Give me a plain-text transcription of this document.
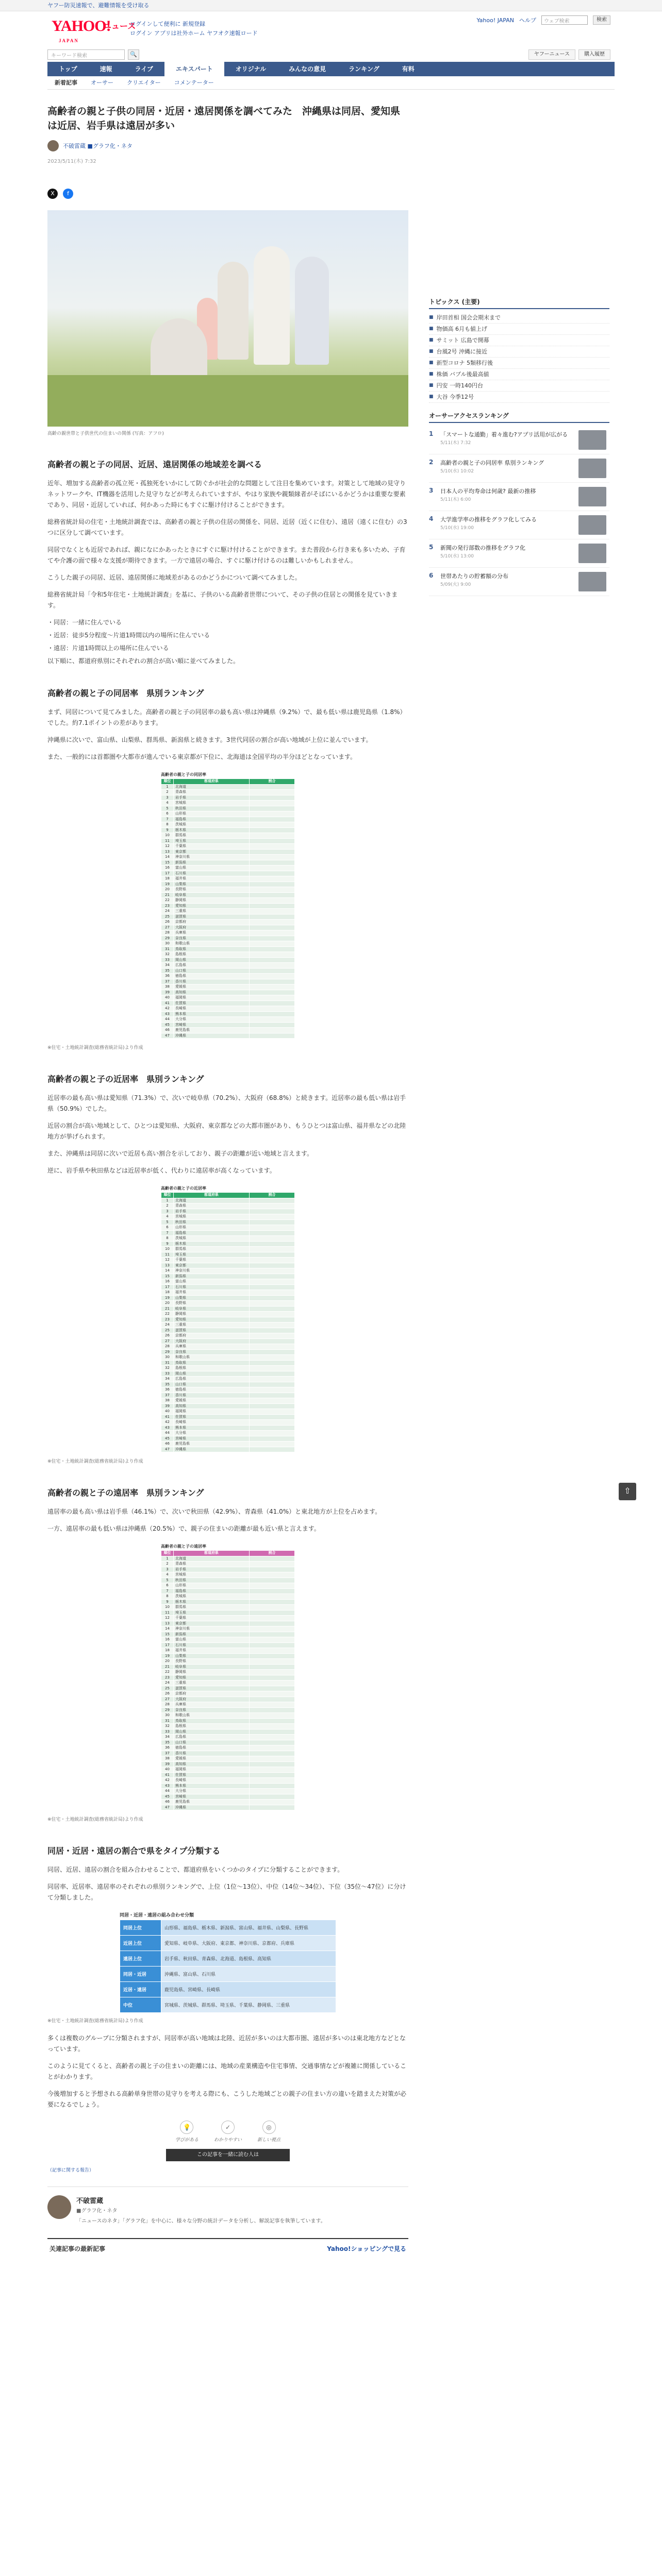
ヤフー防災速報で、避難情報を受け取る
YAHOO!
JAPAN
ニュース
ログインして便利に 新規登録
ログイン アプリは社外ホーム ヤフオク速報ロード
Yahoo! JAPAN ヘルプ	ウェブ検索	検索
キーワード検索	🔍	ヤフーニュース	購入履歴
トップ	速報	ライブ	エキスパート	オリジナル	みんなの意見	ランキング	有料
新着記事 オーサー クリエイター コメンテーター
高齢者の親と子供の同居・近居・遠居関係を調べてみた　沖縄県は同居、愛知県は近居、岩手県は遠居が多い
不破雷蔵 ■グラフ化・ネタ
2023/5/11(木) 7:32
X	f
高齢の親世帯と子供世代の住まいの関係 (写真：アフロ)
高齢者の親と子の同居、近居、遠居関係の地域差を調べる

近年、増加する高齢者の孤立死・孤独死をいかにして防ぐかが社会的な問題として注目を集めています。対策として地域の見守りネットワークや、IT機器を活用した見守りなどが考えられていますが、やはり家族や親類縁者がそばにいるかどうかは重要な要素であり、同居・近居していれば、何かあった時にもすぐに駆け付けることができます。

総務省統計局の住宅・土地統計調査では、高齢者の親と子供の住居の関係を、同居、近居（近くに住む）、遠居（遠くに住む）の3つに区分して調べています。

同居でなくとも近居であれば、親になにかあったときにすぐに駆け付けることができます。また普段から行き来も多いため、子育てや介護の面で様々な支援が期待できます。一方で遠居の場合、すぐに駆け付けるのは難しいかもしれません。

こうした親子の同居、近居、遠居関係に地域差があるのかどうかについて調べてみました。

総務省統計局「令和5年住宅・土地統計調査」を基に、子供のいる高齢者世帯について、その子供の住居との関係を見ていきます。

・同居：一緒に住んでいる

・近居：徒歩5分程度～片道1時間以内の場所に住んでいる

・遠居：片道1時間以上の場所に住んでいる

以下順に、都道府県別にそれぞれの割合が高い順に並べてみました。

高齢者の親と子の同居率　県別ランキング

まず、同居について見てみました。高齢者の親と子の同居率の最も高い県は沖縄県（9.2%）で、最も低い県は鹿児島県（1.8%）でした。約7.1ポイントの差があります。

沖縄県に次いで、富山県、山梨県、群馬県、新潟県と続きます。3世代同居の割合が高い地域が上位に並んでいます。

また、一般的には首都圏や大都市が進んでいる東京都が下位に、北海道は全国平均の半分ほどとなっています。

高齢者の親と子の同居率
順位	都道府県	割合
1	北海道	
2	青森県	
3	岩手県	
4	宮城県	
5	秋田県	
6	山形県	
7	福島県	
8	茨城県	
9	栃木県	
10	群馬県	
11	埼玉県	
12	千葉県	
13	東京都	
14	神奈川県	
15	新潟県	
16	富山県	
17	石川県	
18	福井県	
19	山梨県	
20	長野県	
21	岐阜県	
22	静岡県	
23	愛知県	
24	三重県	
25	滋賀県	
26	京都府	
27	大阪府	
28	兵庫県	
29	奈良県	
30	和歌山県	
31	鳥取県	
32	島根県	
33	岡山県	
34	広島県	
35	山口県	
36	徳島県	
37	香川県	
38	愛媛県	
39	高知県	
40	福岡県	
41	佐賀県	
42	長崎県	
43	熊本県	
44	大分県	
45	宮崎県	
46	鹿児島県	
47	沖縄県	
※住宅・土地統計調査(総務省統計局)より作成
高齢者の親と子の近居率　県別ランキング

近居率の最も高い県は愛知県（71.3%）で、次いで岐阜県（70.2%）、大阪府（68.8%）と続きます。近居率の最も低い県は岩手県（50.9%）でした。

近居の割合が高い地域として、ひとつは愛知県、大阪府、東京都などの大都市圏があり、もうひとつは富山県、福井県などの北陸地方が挙げられます。

また、沖縄県は同居に次いで近居も高い割合を示しており、親子の距離が近い地域と言えます。

逆に、岩手県や秋田県などは近居率が低く、代わりに遠居率が高くなっています。

高齢者の親と子の近居率
順位	都道府県	割合
1	北海道	
2	青森県	
3	岩手県	
4	宮城県	
5	秋田県	
6	山形県	
7	福島県	
8	茨城県	
9	栃木県	
10	群馬県	
11	埼玉県	
12	千葉県	
13	東京都	
14	神奈川県	
15	新潟県	
16	富山県	
17	石川県	
18	福井県	
19	山梨県	
20	長野県	
21	岐阜県	
22	静岡県	
23	愛知県	
24	三重県	
25	滋賀県	
26	京都府	
27	大阪府	
28	兵庫県	
29	奈良県	
30	和歌山県	
31	鳥取県	
32	島根県	
33	岡山県	
34	広島県	
35	山口県	
36	徳島県	
37	香川県	
38	愛媛県	
39	高知県	
40	福岡県	
41	佐賀県	
42	長崎県	
43	熊本県	
44	大分県	
45	宮崎県	
46	鹿児島県	
47	沖縄県	
※住宅・土地統計調査(総務省統計局)より作成
高齢者の親と子の遠居率　県別ランキング

遠居率の最も高い県は岩手県（46.1%）で、次いで秋田県（42.9%）、青森県（41.0%）と東北地方が上位を占めます。

一方、遠居率の最も低い県は沖縄県（20.5%）で、親子の住まいの距離が最も近い県と言えます。

高齢者の親と子の遠居率
順位	都道府県	割合
1	北海道	
2	青森県	
3	岩手県	
4	宮城県	
5	秋田県	
6	山形県	
7	福島県	
8	茨城県	
9	栃木県	
10	群馬県	
11	埼玉県	
12	千葉県	
13	東京都	
14	神奈川県	
15	新潟県	
16	富山県	
17	石川県	
18	福井県	
19	山梨県	
20	長野県	
21	岐阜県	
22	静岡県	
23	愛知県	
24	三重県	
25	滋賀県	
26	京都府	
27	大阪府	
28	兵庫県	
29	奈良県	
30	和歌山県	
31	鳥取県	
32	島根県	
33	岡山県	
34	広島県	
35	山口県	
36	徳島県	
37	香川県	
38	愛媛県	
39	高知県	
40	福岡県	
41	佐賀県	
42	長崎県	
43	熊本県	
44	大分県	
45	宮崎県	
46	鹿児島県	
47	沖縄県	
※住宅・土地統計調査(総務省統計局)より作成
同居・近居・遠居の割合で県をタイプ分類する

同居、近居、遠居の割合を組み合わせることで、都道府県をいくつかのタイプに分類することができます。

同居率、近居率、遠居率のそれぞれの県別ランキングで、上位（1位～13位）、中位（14位～34位）、下位（35位～47位）に分けて分類しました。

同居・近居・遠居の組み合わせ分類
同居上位	山形県、福島県、栃木県、新潟県、富山県、福井県、山梨県、長野県
近居上位	愛知県、岐阜県、大阪府、東京都、神奈川県、京都府、兵庫県
遠居上位	岩手県、秋田県、青森県、北海道、島根県、高知県
同居・近居	沖縄県、富山県、石川県
近居・遠居	鹿児島県、宮崎県、長崎県
中位	宮城県、茨城県、群馬県、埼玉県、千葉県、静岡県、三重県
※住宅・土地統計調査(総務省統計局)より作成

多くは複数のグループに分類されますが、同居率が高い地域は北陸、近居が多いのは大都市圏、遠居が多いのは東北地方などとなっています。

このように見てくると、高齢者の親と子の住まいの距離には、地域の産業構造や住宅事情、交通事情などが複雑に関係していることがわかります。

今後増加すると予想される高齢単身世帯の見守りを考える際にも、こうした地域ごとの親子の住まい方の違いを踏まえた対策が必要になるでしょう。

💡
学びがある
✓
わかりやすい
◎
新しい視点
この記事を一緒に読む人は
（記事に関する報告）
不破雷蔵
■グラフ化・ネタ
「ニュースのネタ」「グラフ化」を中心に、様々な分野の統計データを分析し、解説記事を執筆しています。
关連記事の最新記事	Yahoo!ショッピングで見る
トピックス (主要)
■ 岸田首相 国会会期末まで
■ 物価高 6月も値上げ
■ サミット 広島で開幕
■ 台風2号 沖縄に接近
■ 新型コロナ 5類移行後
■ 株価 バブル後最高値
■ 円安 一時140円台
■ 大谷 今季12号
オーサーアクセスランキング
1	「スマートな通勤」着々進む?アプリ活用が広がる
5/11(木) 7:32
2	高齢者の親と子の同居率 県別ランキング
5/10(水) 10:02
3	日本人の平均寿命は何歳? 最新の推移
5/11(木) 6:00
4	大学進学率の推移をグラフ化してみる
5/10(水) 19:00
5	新聞の発行部数の推移をグラフ化
5/10(水) 13:00
6	世帯あたりの貯蓄額の分布
5/09(火) 9:00
⇧
